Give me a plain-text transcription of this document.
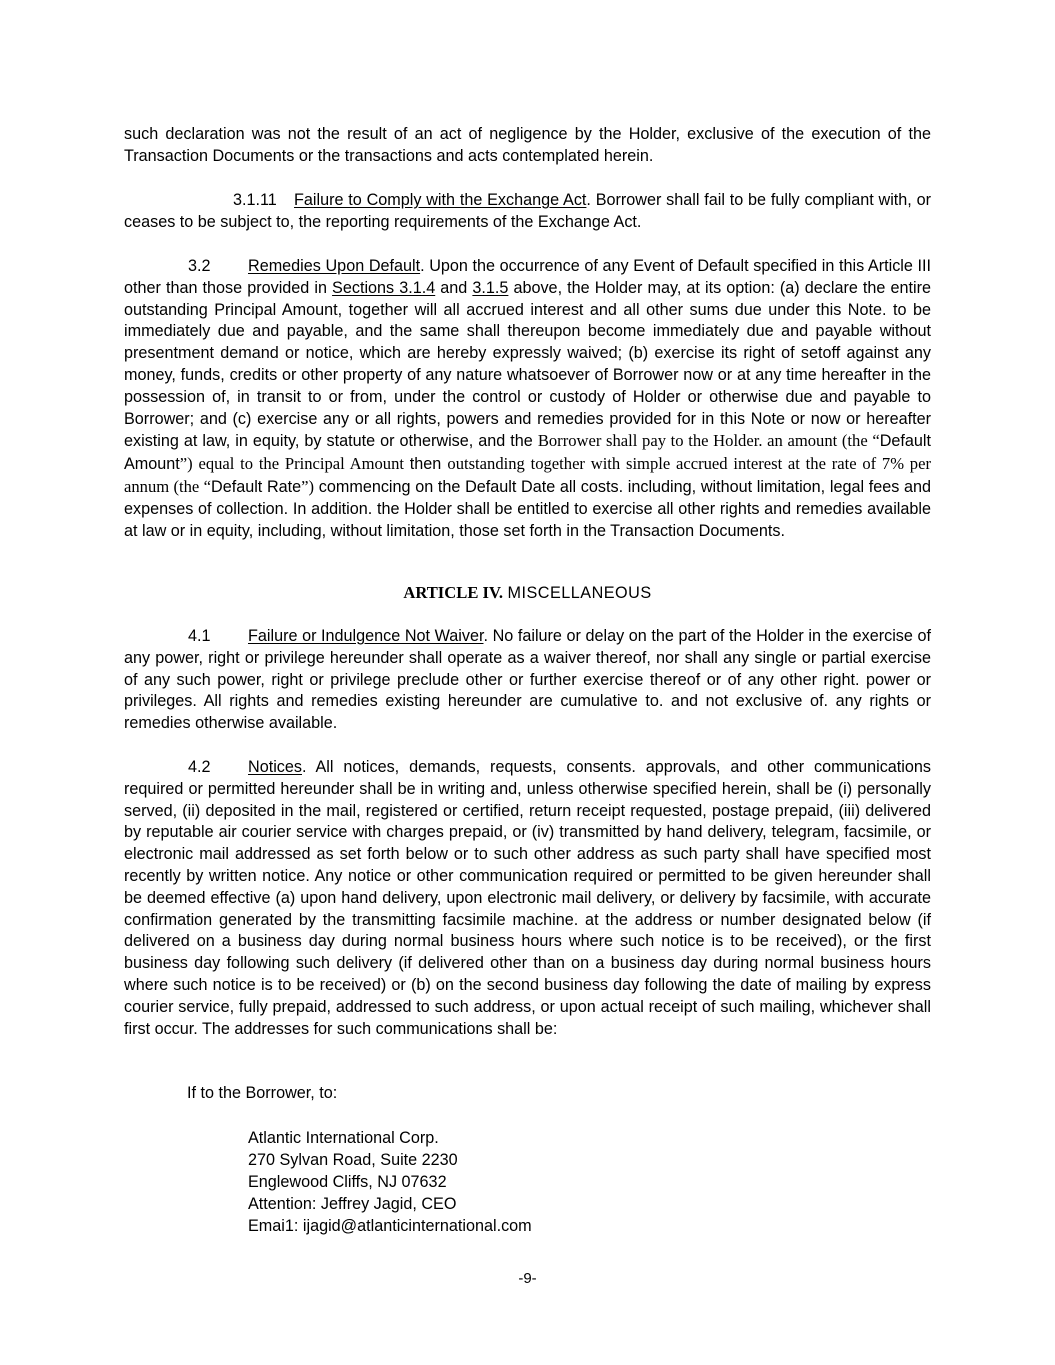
such declaration was not the result of an act of negligence by the Holder, exclusive of the execution of the Transaction Documents or the transactions and acts contemplated herein.

3.1.11 Failure to Comply with the Exchange Act. Borrower shall fail to be fully compliant with, or ceases to be subject to, the reporting requirements of the Exchange Act.

3.2 Remedies Upon Default. Upon the occurrence of any Event of Default specified in this Article III other than those provided in Sections 3.1.4 and 3.1.5 above, the Holder may, at its option: (a) declare the entire outstanding Principal Amount, together will all accrued interest and all other sums due under this Note. to be immediately due and payable, and the same shall thereupon become immediately due and payable without presentment demand or notice, which are hereby expressly waived; (b) exercise its right of setoff against any money, funds, credits or other property of any nature whatsoever of Borrower now or at any time hereafter in the possession of, in transit to or from, under the control or custody of Holder or otherwise due and payable to Borrower; and (c) exercise any or all rights, powers and remedies provided for in this Note or now or hereafter existing at law, in equity, by statute or otherwise, and the Borrower shall pay to the Holder. an amount (the “Default Amount”) equal to the Principal Amount then outstanding together with simple accrued interest at the rate of 7% per annum (the “Default Rate”) commencing on the Default Date all costs. including, without limitation, legal fees and expenses of collection. In addition. the Holder shall be entitled to exercise all other rights and remedies available at law or in equity, including, without limitation, those set forth in the Transaction Documents.

ARTICLE IV. MISCELLANEOUS

4.1 Failure or Indulgence Not Waiver. No failure or delay on the part of the Holder in the exercise of any power, right or privilege hereunder shall operate as a waiver thereof, nor shall any single or partial exercise of any such power, right or privilege preclude other or further exercise thereof or of any other right. power or privileges. All rights and remedies existing hereunder are cumulative to. and not exclusive of. any rights or remedies otherwise available.

4.2 Notices. All notices, demands, requests, consents. approvals, and other communications required or permitted hereunder shall be in writing and, unless otherwise specified herein, shall be (i) personally served, (ii) deposited in the mail, registered or certified, return receipt requested, postage prepaid, (iii) delivered by reputable air courier service with charges prepaid, or (iv) transmitted by hand delivery, telegram, facsimile, or electronic mail addressed as set forth below or to such other address as such party shall have specified most recently by written notice. Any notice or other communication required or permitted to be given hereunder shall be deemed effective (a) upon hand delivery, upon electronic mail delivery, or delivery by facsimile, with accurate confirmation generated by the transmitting facsimile machine. at the address or number designated below (if delivered on a business day during normal business hours where such notice is to be received), or the first business day following such delivery (if delivered other than on a business day during normal business hours where such notice is to be received) or (b) on the second business day following the date of mailing by express courier service, fully prepaid, addressed to such address, or upon actual receipt of such mailing, whichever shall first occur. The addresses for such communications shall be:

If to the Borrower, to:
Atlantic International Corp.
270 Sylvan Road, Suite 2230
Englewood Cliffs, NJ 07632
Attention: Jeffrey Jagid, CEO
Emai1: ijagid@atlanticinternational.com
-9-
